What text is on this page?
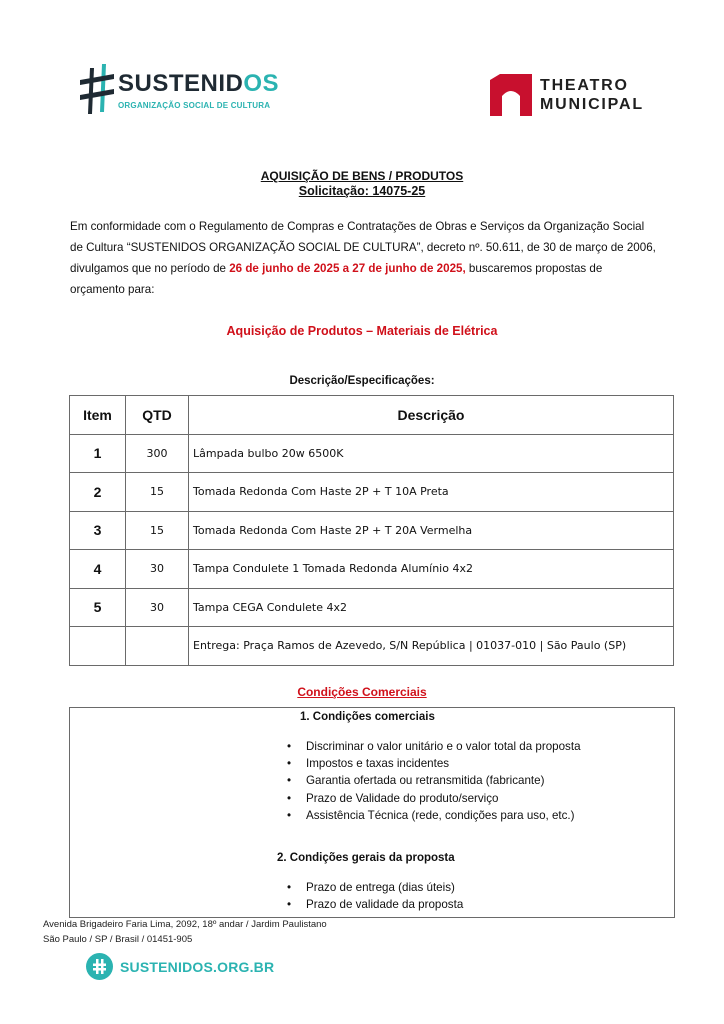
SUSTENIDOS
ORGANIZAÇÃO SOCIAL DE CULTURA
THEATRO
MUNICIPAL
AQUISIÇÃO DE BENS / PRODUTOS
Solicitação: 14075-25
Em conformidade com o Regulamento de Compras e Contratações de Obras e Serviços da Organização Social de Cultura “SUSTENIDOS ORGANIZAÇÃO SOCIAL DE CULTURA”, decreto nº. 50.611, de 30 de março de 2006, divulgamos que no período de 26 de junho de 2025 a 27 de junho de 2025, buscaremos propostas de orçamento para:
Aquisição de Produtos – Materiais de Elétrica
Descrição/Especificações:
Item	QTD	Descrição
1	300	Lâmpada bulbo 20w 6500K
2	15	Tomada Redonda Com Haste 2P + T 10A Preta
3	15	Tomada Redonda Com Haste 2P + T 20A Vermelha
4	30	Tampa Condulete 1 Tomada Redonda Alumínio 4x2
5	30	Tampa CEGA Condulete 4x2
		Entrega: Praça Ramos de Azevedo, S/N República | 01037-010 | São Paulo (SP)
Condições Comerciais
1. Condições comerciais
• Discriminar o valor unitário e o valor total da proposta
• Impostos e taxas incidentes
• Garantia ofertada ou retransmitida (fabricante)
• Prazo de Validade do produto/serviço
• Assistência Técnica (rede, condições para uso, etc.)
2. Condições gerais da proposta
• Prazo de entrega (dias úteis)
• Prazo de validade da proposta
Avenida Brigadeiro Faria Lima, 2092, 18º andar / Jardim Paulistano
São Paulo / SP / Brasil / 01451-905
SUSTENIDOS.ORG.BR
